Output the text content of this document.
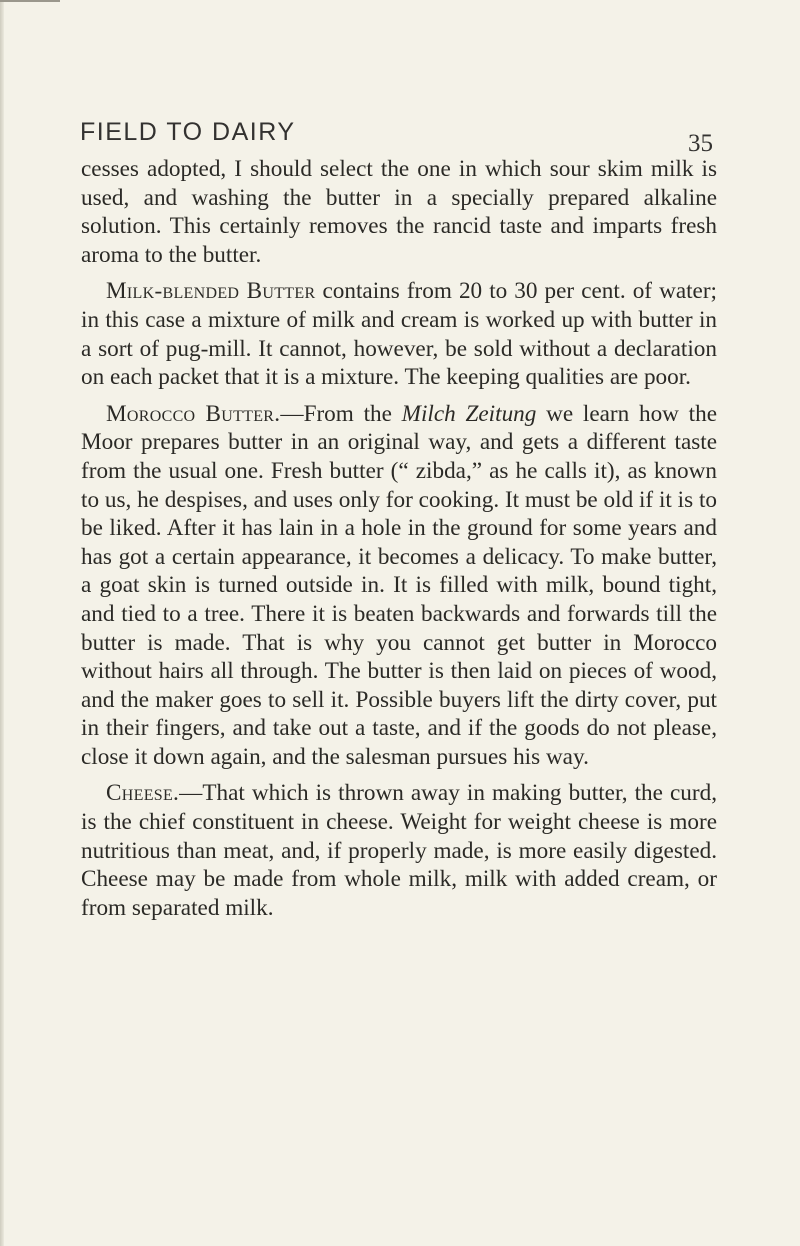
FIELD TO DAIRY	35

cesses adopted, I should select the one in which sour skim milk is used, and washing the butter in a specially prepared alkaline solution. This certainly removes the rancid taste and imparts fresh aroma to the butter.

Milk-blended Butter contains from 20 to 30 per cent. of water; in this case a mixture of milk and cream is worked up with butter in a sort of pug-mill. It cannot, however, be sold without a declaration on each packet that it is a mixture. The keeping qualities are poor.

Morocco Butter.—From the Milch Zeitung we learn how the Moor prepares butter in an original way, and gets a different taste from the usual one. Fresh butter (“ zibda,” as he calls it), as known to us, he despises, and uses only for cooking. It must be old if it is to be liked. After it has lain in a hole in the ground for some years and has got a certain appearance, it becomes a delicacy. To make butter, a goat skin is turned outside in. It is filled with milk, bound tight, and tied to a tree. There it is beaten backwards and forwards till the butter is made. That is why you cannot get butter in Morocco without hairs all through. The butter is then laid on pieces of wood, and the maker goes to sell it. Possible buyers lift the dirty cover, put in their fingers, and take out a taste, and if the goods do not please, close it down again, and the salesman pursues his way.

Cheese.—That which is thrown away in making butter, the curd, is the chief constituent in cheese. Weight for weight cheese is more nutritious than meat, and, if properly made, is more easily digested. Cheese may be made from whole milk, milk with added cream, or from separated milk.
